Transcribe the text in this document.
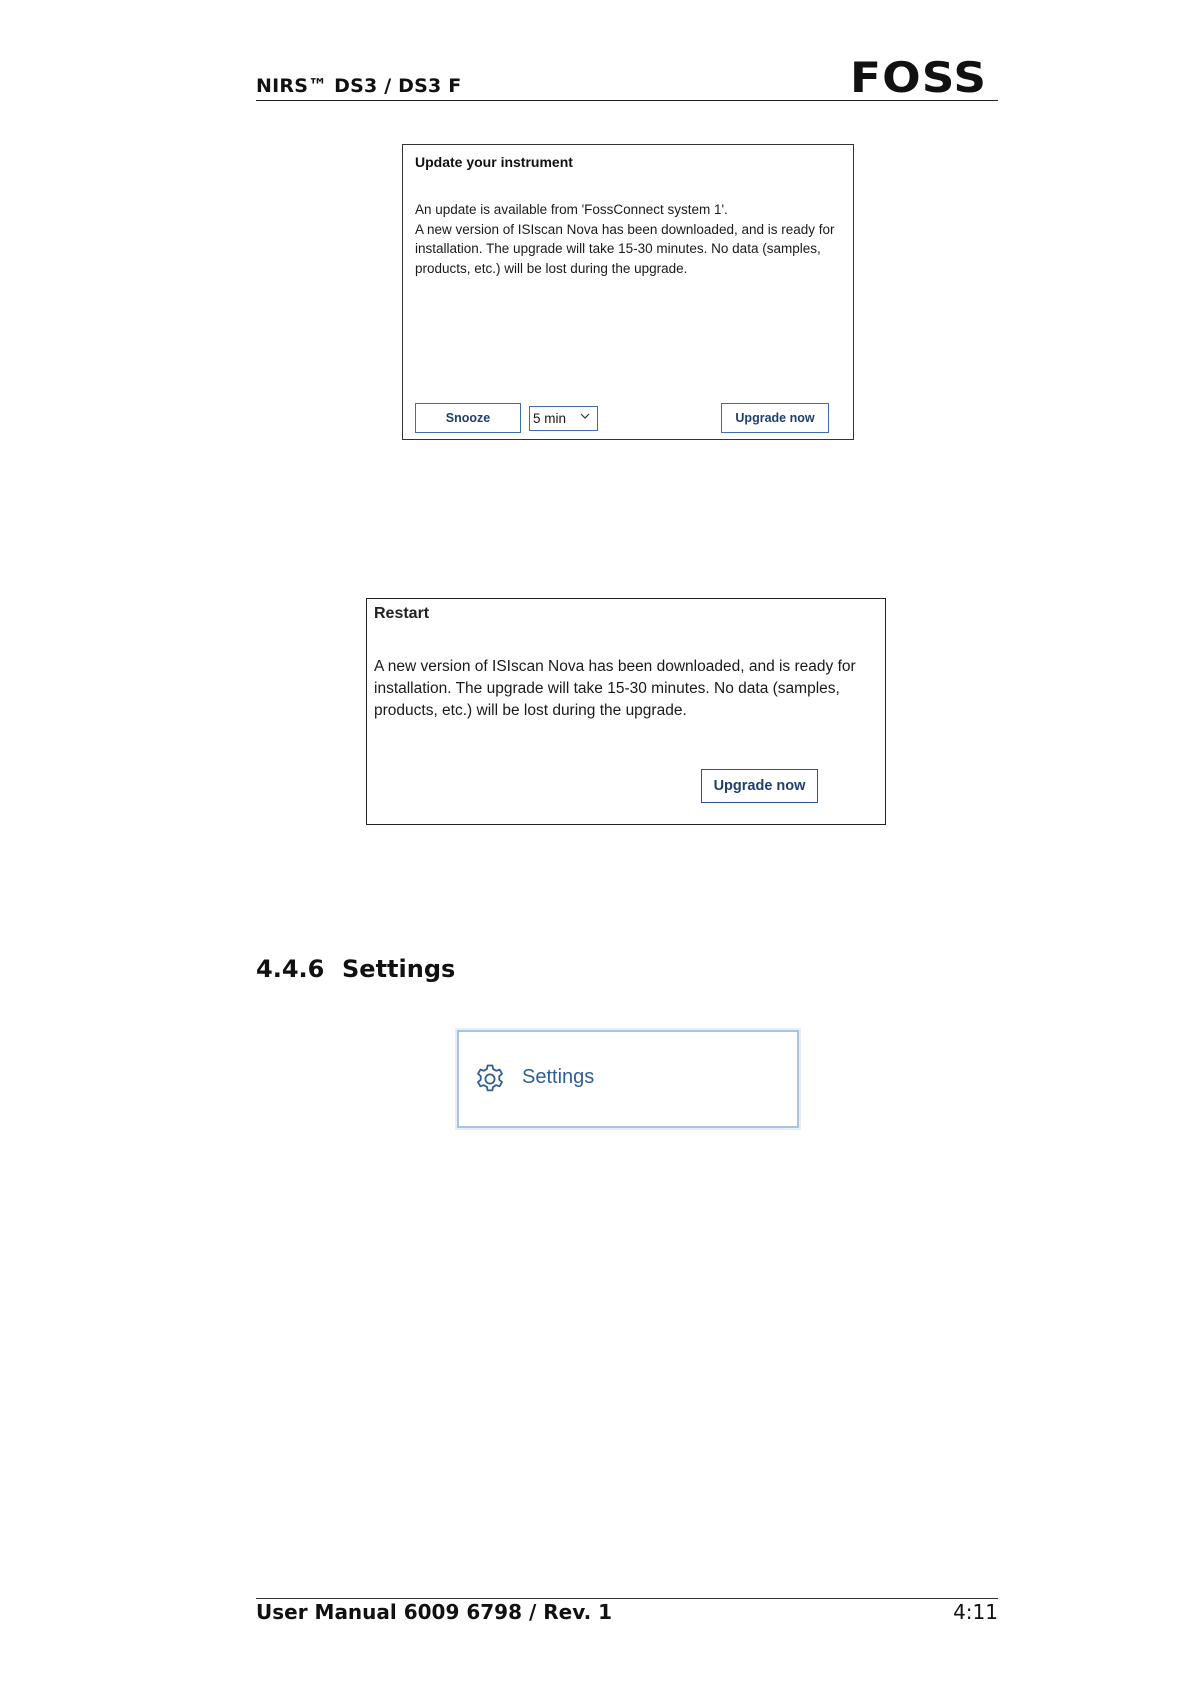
NIRS™ DS3 / DS3 F	FOSS
Update your instrument

An update is available from 'FossConnect system 1'.

A new version of ISIscan Nova has been downloaded, and is ready for installation. The upgrade will take 15-30 minutes. No data (samples, products, etc.) will be lost during the upgrade.

Snooze	5 min	Upgrade now
Restart

A new version of ISIscan Nova has been downloaded, and is ready for installation. The upgrade will take 15-30 minutes. No data (samples, products, etc.) will be lost during the upgrade.

Upgrade now
4.4.6 Settings
Settings
User Manual 6009 6798 / Rev. 1	4:11
